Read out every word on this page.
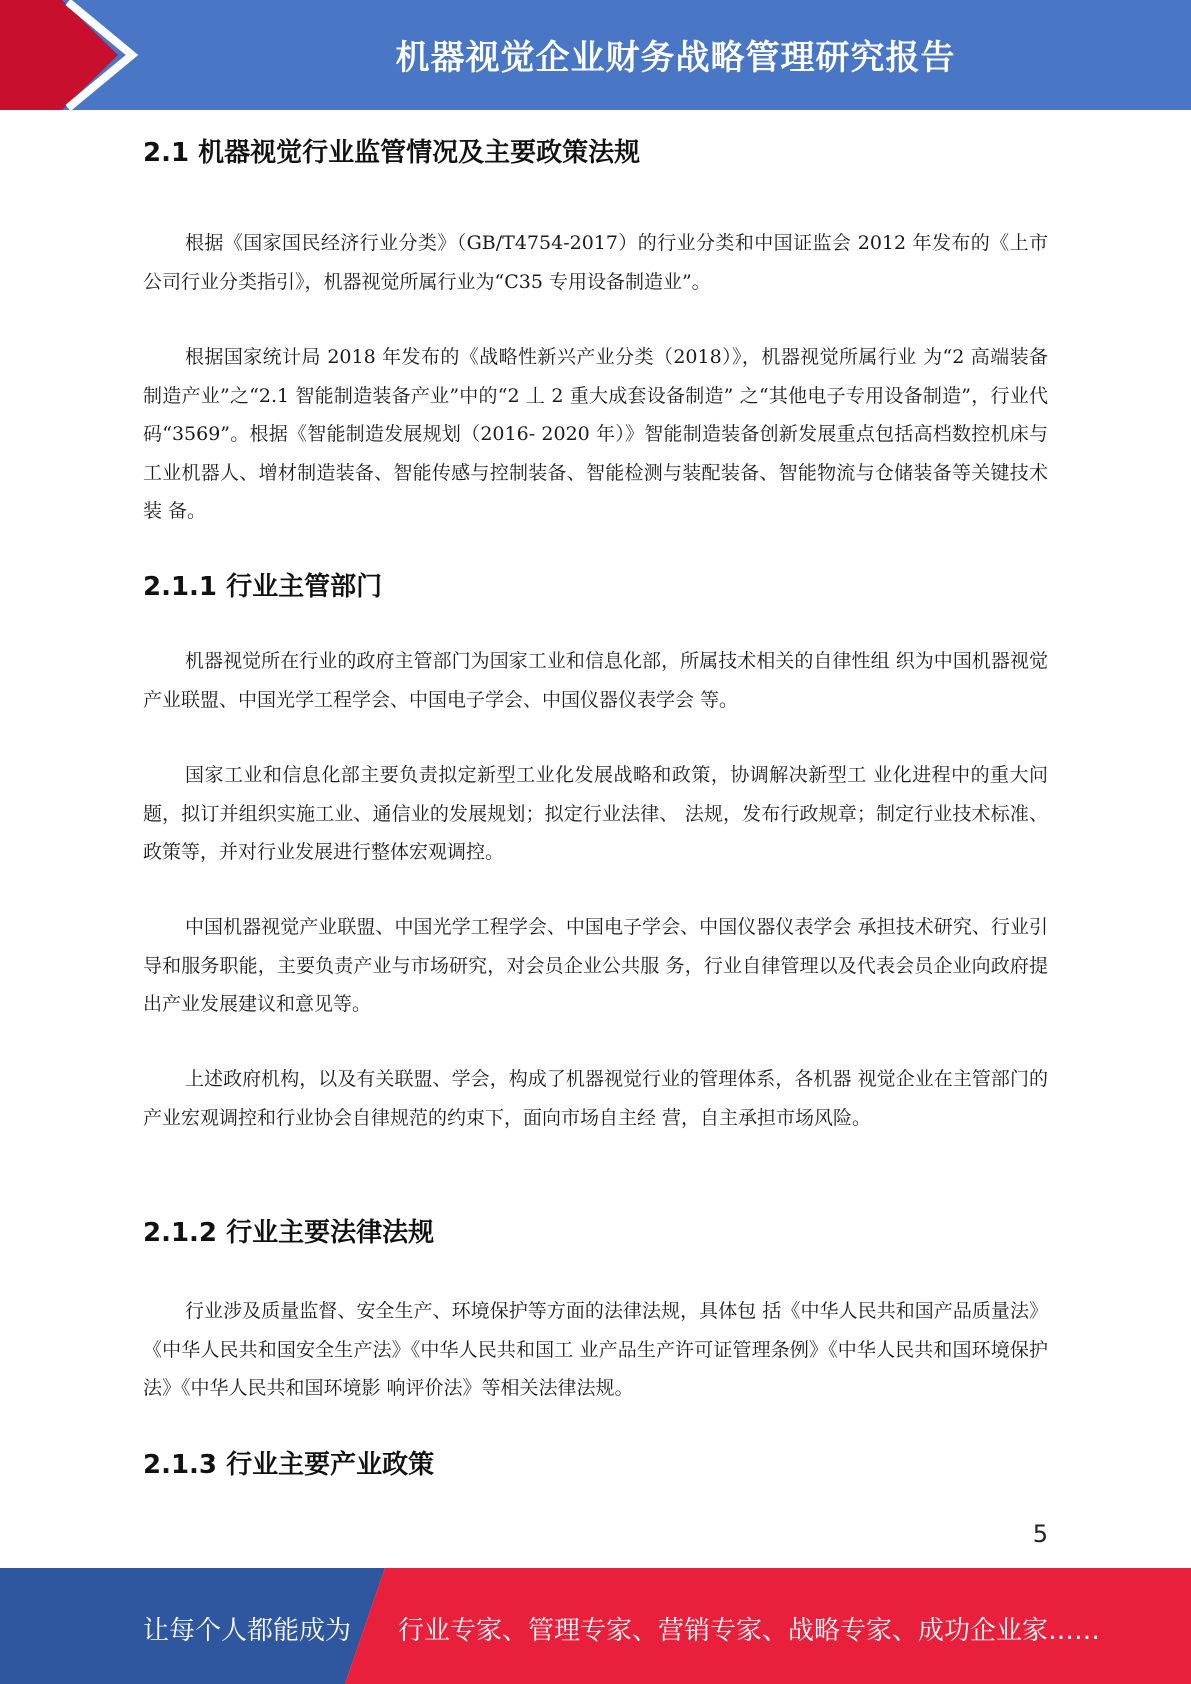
机器视觉企业财务战略管理研究报告
2.1 机器视觉行业监管情况及主要政策法规

根据《国家国民经济行业分类》（GB/T4754-2017）的行业分类和中国证监会 2012 年发布的《上市公司行业分类指引》，机器视觉所属行业为“C35 专用设备制造业”。

根据国家统计局 2018 年发布的《战略性新兴产业分类（2018）》，机器视觉所属行业 为“2 高端装备制造产业”之“2.1 智能制造装备产业”中的“2 丄 2 重大成套设备制造” 之“其他电子专用设备制造”，行业代码“3569”。根据《智能制造发展规划（2016- 2020 年）》智能制造装备创新发展重点包括高档数控机床与工业机器人、增材制造装备、智能传感与控制装备、智能检测与装配装备、智能物流与仓储装备等关键技术装 备。

2.1.1 行业主管部门

机器视觉所在行业的政府主管部门为国家工业和信息化部，所属技术相关的自律性组 织为中国机器视觉产业联盟、中国光学工程学会、中国电子学会、中国仪器仪表学会 等。

国家工业和信息化部主要负责拟定新型工业化发展战略和政策，协调解决新型工 业化进程中的重大问题，拟订并组织实施工业、通信业的发展规划；拟定行业法律、 法规，发布行政规章；制定行业技术标准、政策等，并对行业发展进行整体宏观调控。

中国机器视觉产业联盟、中国光学工程学会、中国电子学会、中国仪器仪表学会 承担技术研究、行业引导和服务职能，主要负责产业与市场研究，对会员企业公共服 务，行业自律管理以及代表会员企业向政府提出产业发展建议和意见等。

上述政府机构，以及有关联盟、学会，构成了机器视觉行业的管理体系，各机器 视觉企业在主管部门的产业宏观调控和行业协会自律规范的约束下，面向市场自主经 营，自主承担市场风险。

2.1.2 行业主要法律法规

行业涉及质量监督、安全生产、环境保护等方面的法律法规，具体包 括《中华人民共和国产品质量法》《中华人民共和国安全生产法》《中华人民共和国工 业产品生产许可证管理条例》《中华人民共和国环境保护法》《中华人民共和国环境影 响评价法》等相关法律法规。

2.1.3 行业主要产业政策
5
让每个人都能成为 行业专家、管理专家、营销专家、战略专家、成功企业家……
